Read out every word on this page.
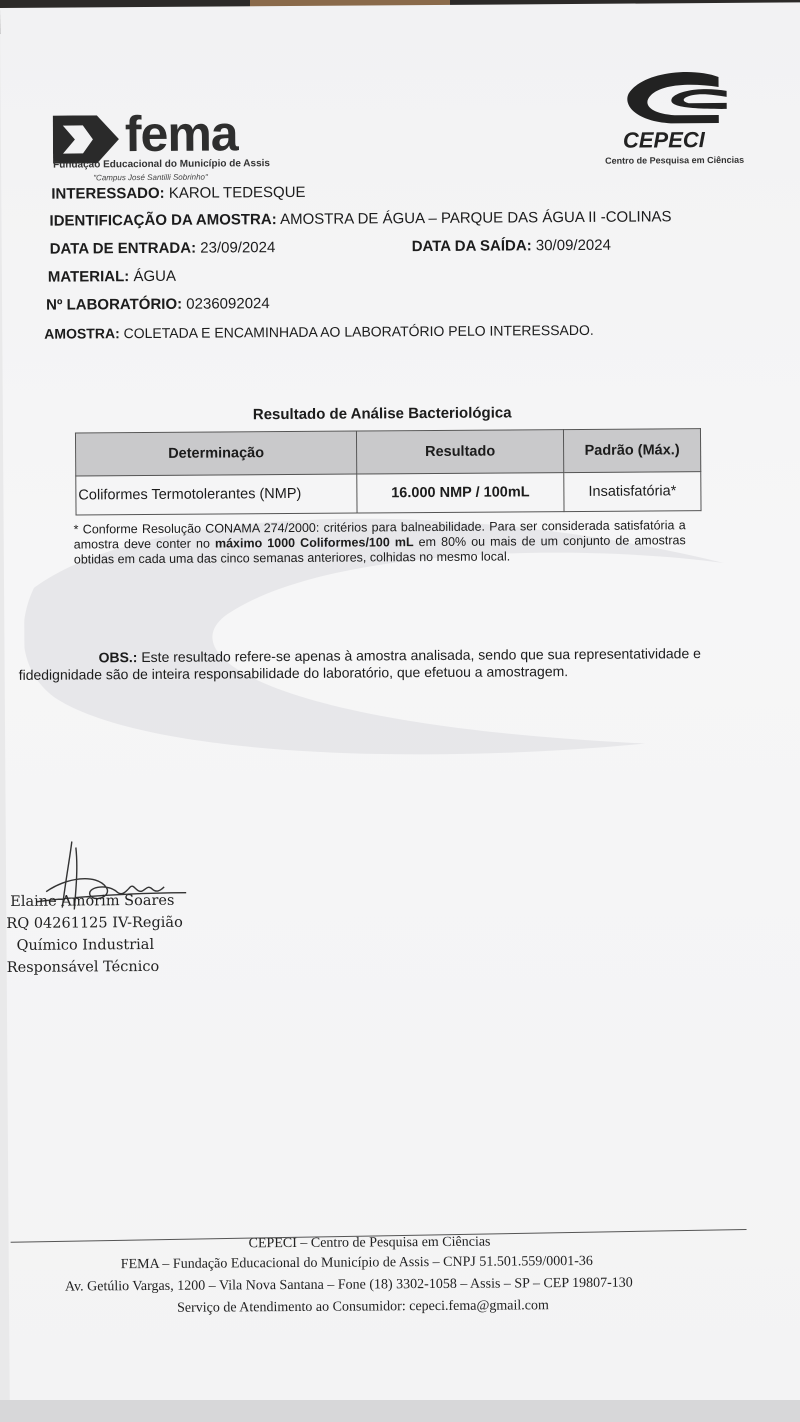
fema
Fundação Educacional do Município de Assis
"Campus José Santilli Sobrinho"
CEPECI
Centro de Pesquisa em Ciências
INTERESSADO: KAROL TEDESQUE
IDENTIFICAÇÃO DA AMOSTRA: AMOSTRA DE ÁGUA – PARQUE DAS ÁGUA II -COLINAS
DATA DE ENTRADA: 23/09/2024	DATA DA SAÍDA: 30/09/2024
MATERIAL: ÁGUA
Nº LABORATÓRIO: 0236092024
AMOSTRA: COLETADA E ENCAMINHADA AO LABORATÓRIO PELO INTERESSADO.
Resultado de Análise Bacteriológica
Determinação	Resultado	Padrão (Máx.)
Coliformes Termotolerantes (NMP)	16.000 NMP / 100mL	Insatisfatória*
* Conforme Resolução CONAMA 274/2000: critérios para balneabilidade. Para ser considerada satisfatória a amostra deve conter no máximo 1000 Coliformes/100 mL em 80% ou mais de um conjunto de amostras obtidas em cada uma das cinco semanas anteriores, colhidas no mesmo local.
OBS.: Este resultado refere-se apenas à amostra analisada, sendo que sua representatividade e fidedignidade são de inteira responsabilidade do laboratório, que efetuou a amostragem.
Elaine Amorim Soares
RQ 04261125 IV-Região
Químico Industrial
Responsável Técnico
CEPECI – Centro de Pesquisa em Ciências
FEMA – Fundação Educacional do Município de Assis – CNPJ 51.501.559/0001-36
Av. Getúlio Vargas, 1200 – Vila Nova Santana – Fone (18) 3302-1058 – Assis – SP – CEP 19807-130
Serviço de Atendimento ao Consumidor: cepeci.fema@gmail.com
